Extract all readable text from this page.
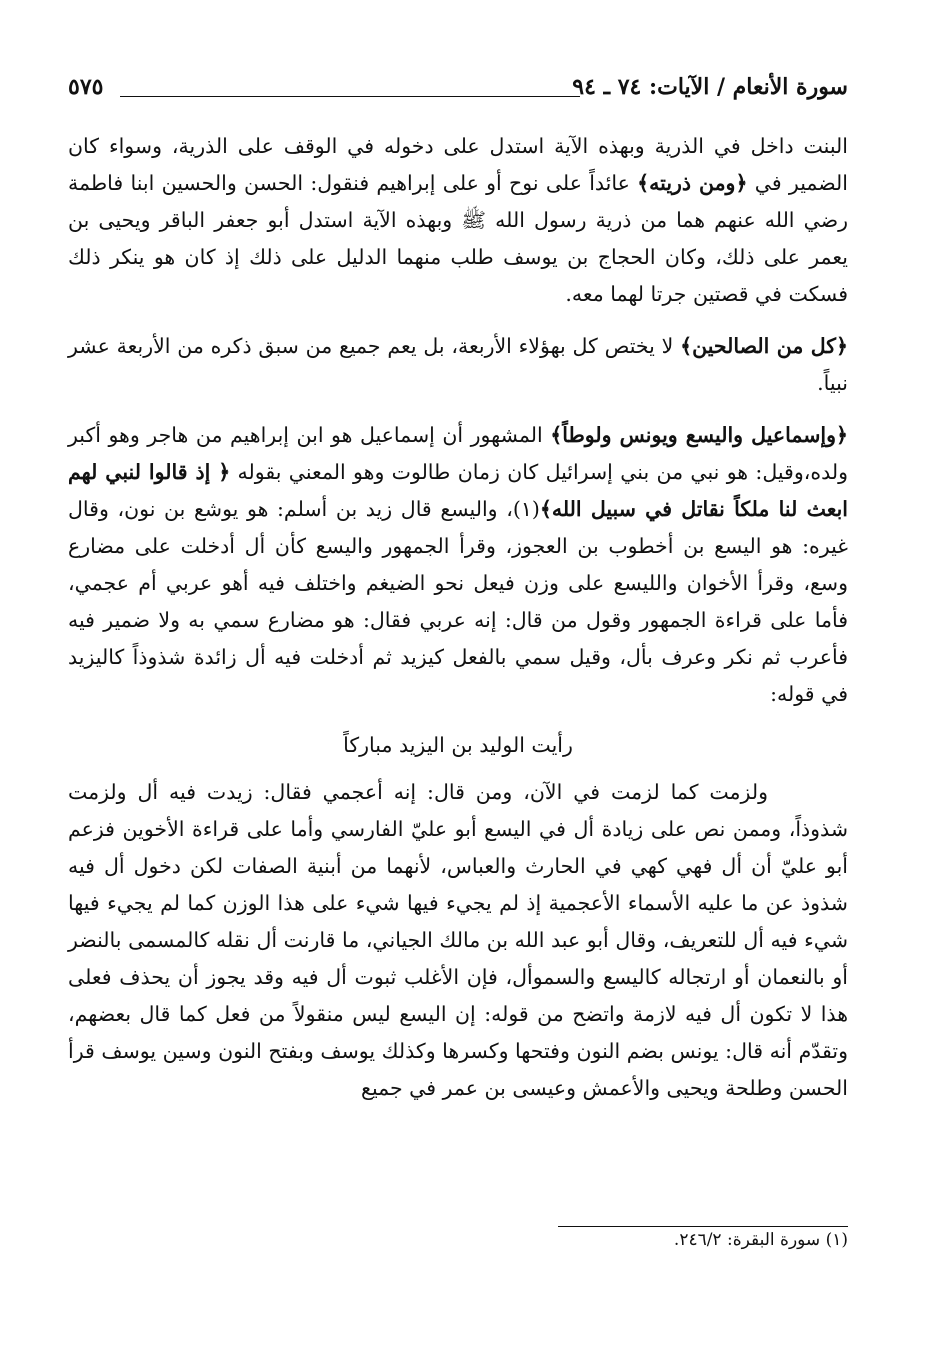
سورة الأنعام / الآيات: ٧٤ ـ ٩٤
٥٧٥

البنت داخل في الذرية وبهذه الآية استدل على دخوله في الوقف على الذرية، وسواء كان الضمير في ﴿ومن ذريته﴾ عائداً على نوح أو على إبراهيم فنقول: الحسن والحسين ابنا فاطمة رضي الله عنهم هما من ذرية رسول الله ﷺ وبهذه الآية استدل أبو جعفر الباقر ويحيى بن يعمر على ذلك، وكان الحجاج بن يوسف طلب منهما الدليل على ذلك إذ كان هو ينكر ذلك فسكت في قصتين جرتا لهما معه.

﴿كل من الصالحين﴾ لا يختص كل بهؤلاء الأربعة، بل يعم جميع من سبق ذكره من الأربعة عشر نبياً.

﴿وإسماعيل واليسع ويونس ولوطاً﴾ المشهور أن إسماعيل هو ابن إبراهيم من هاجر وهو أكبر ولده،وقيل: هو نبي من بني إسرائيل كان زمان طالوت وهو المعني بقوله ﴿ إذ قالوا لنبي لهم ابعث لنا ملكاً نقاتل في سبيل الله﴾(١)، واليسع قال زيد بن أسلم: هو يوشع بن نون، وقال غيره: هو اليسع بن أخطوب بن العجوز، وقرأ الجمهور واليسع كأن أل أدخلت على مضارع وسع، وقرأ الأخوان والليسع على وزن فيعل نحو الضيغم واختلف فيه أهو عربي أم عجمي، فأما على قراءة الجمهور وقول من قال: إنه عربي فقال: هو مضارع سمي به ولا ضمير فيه فأعرب ثم نكر وعرف بأل، وقيل سمي بالفعل كيزيد ثم أدخلت فيه أل زائدة شذوذاً كاليزيد في قوله:

رأيت الوليد بن اليزيد مباركاً

ولزمت كما لزمت في الآن، ومن قال: إنه أعجمي فقال: زيدت فيه أل ولزمت شذوذاً، وممن نص على زيادة أل في اليسع أبو عليّ الفارسي وأما على قراءة الأخوين فزعم أبو عليّ أن أل فهي كهي في الحارث والعباس، لأنهما من أبنية الصفات لكن دخول أل فيه شذوذ عن ما عليه الأسماء الأعجمية إذ لم يجيء فيها شيء على هذا الوزن كما لم يجيء فيها شيء فيه أل للتعريف، وقال أبو عبد الله بن مالك الجياني، ما قارنت أل نقله كالمسمى بالنضر أو بالنعمان أو ارتجاله كاليسع والسموأل، فإن الأغلب ثبوت أل فيه وقد يجوز أن يحذف فعلى هذا لا تكون أل فيه لازمة واتضح من قوله: إن اليسع ليس منقولاً من فعل كما قال بعضهم، وتقدّم أنه قال: يونس بضم النون وفتحها وكسرها وكذلك يوسف وبفتح النون وسين يوسف قرأ الحسن وطلحة ويحيى والأعمش وعيسى بن عمر في جميع

(١) سورة البقرة: ٢٤٦/٢.
